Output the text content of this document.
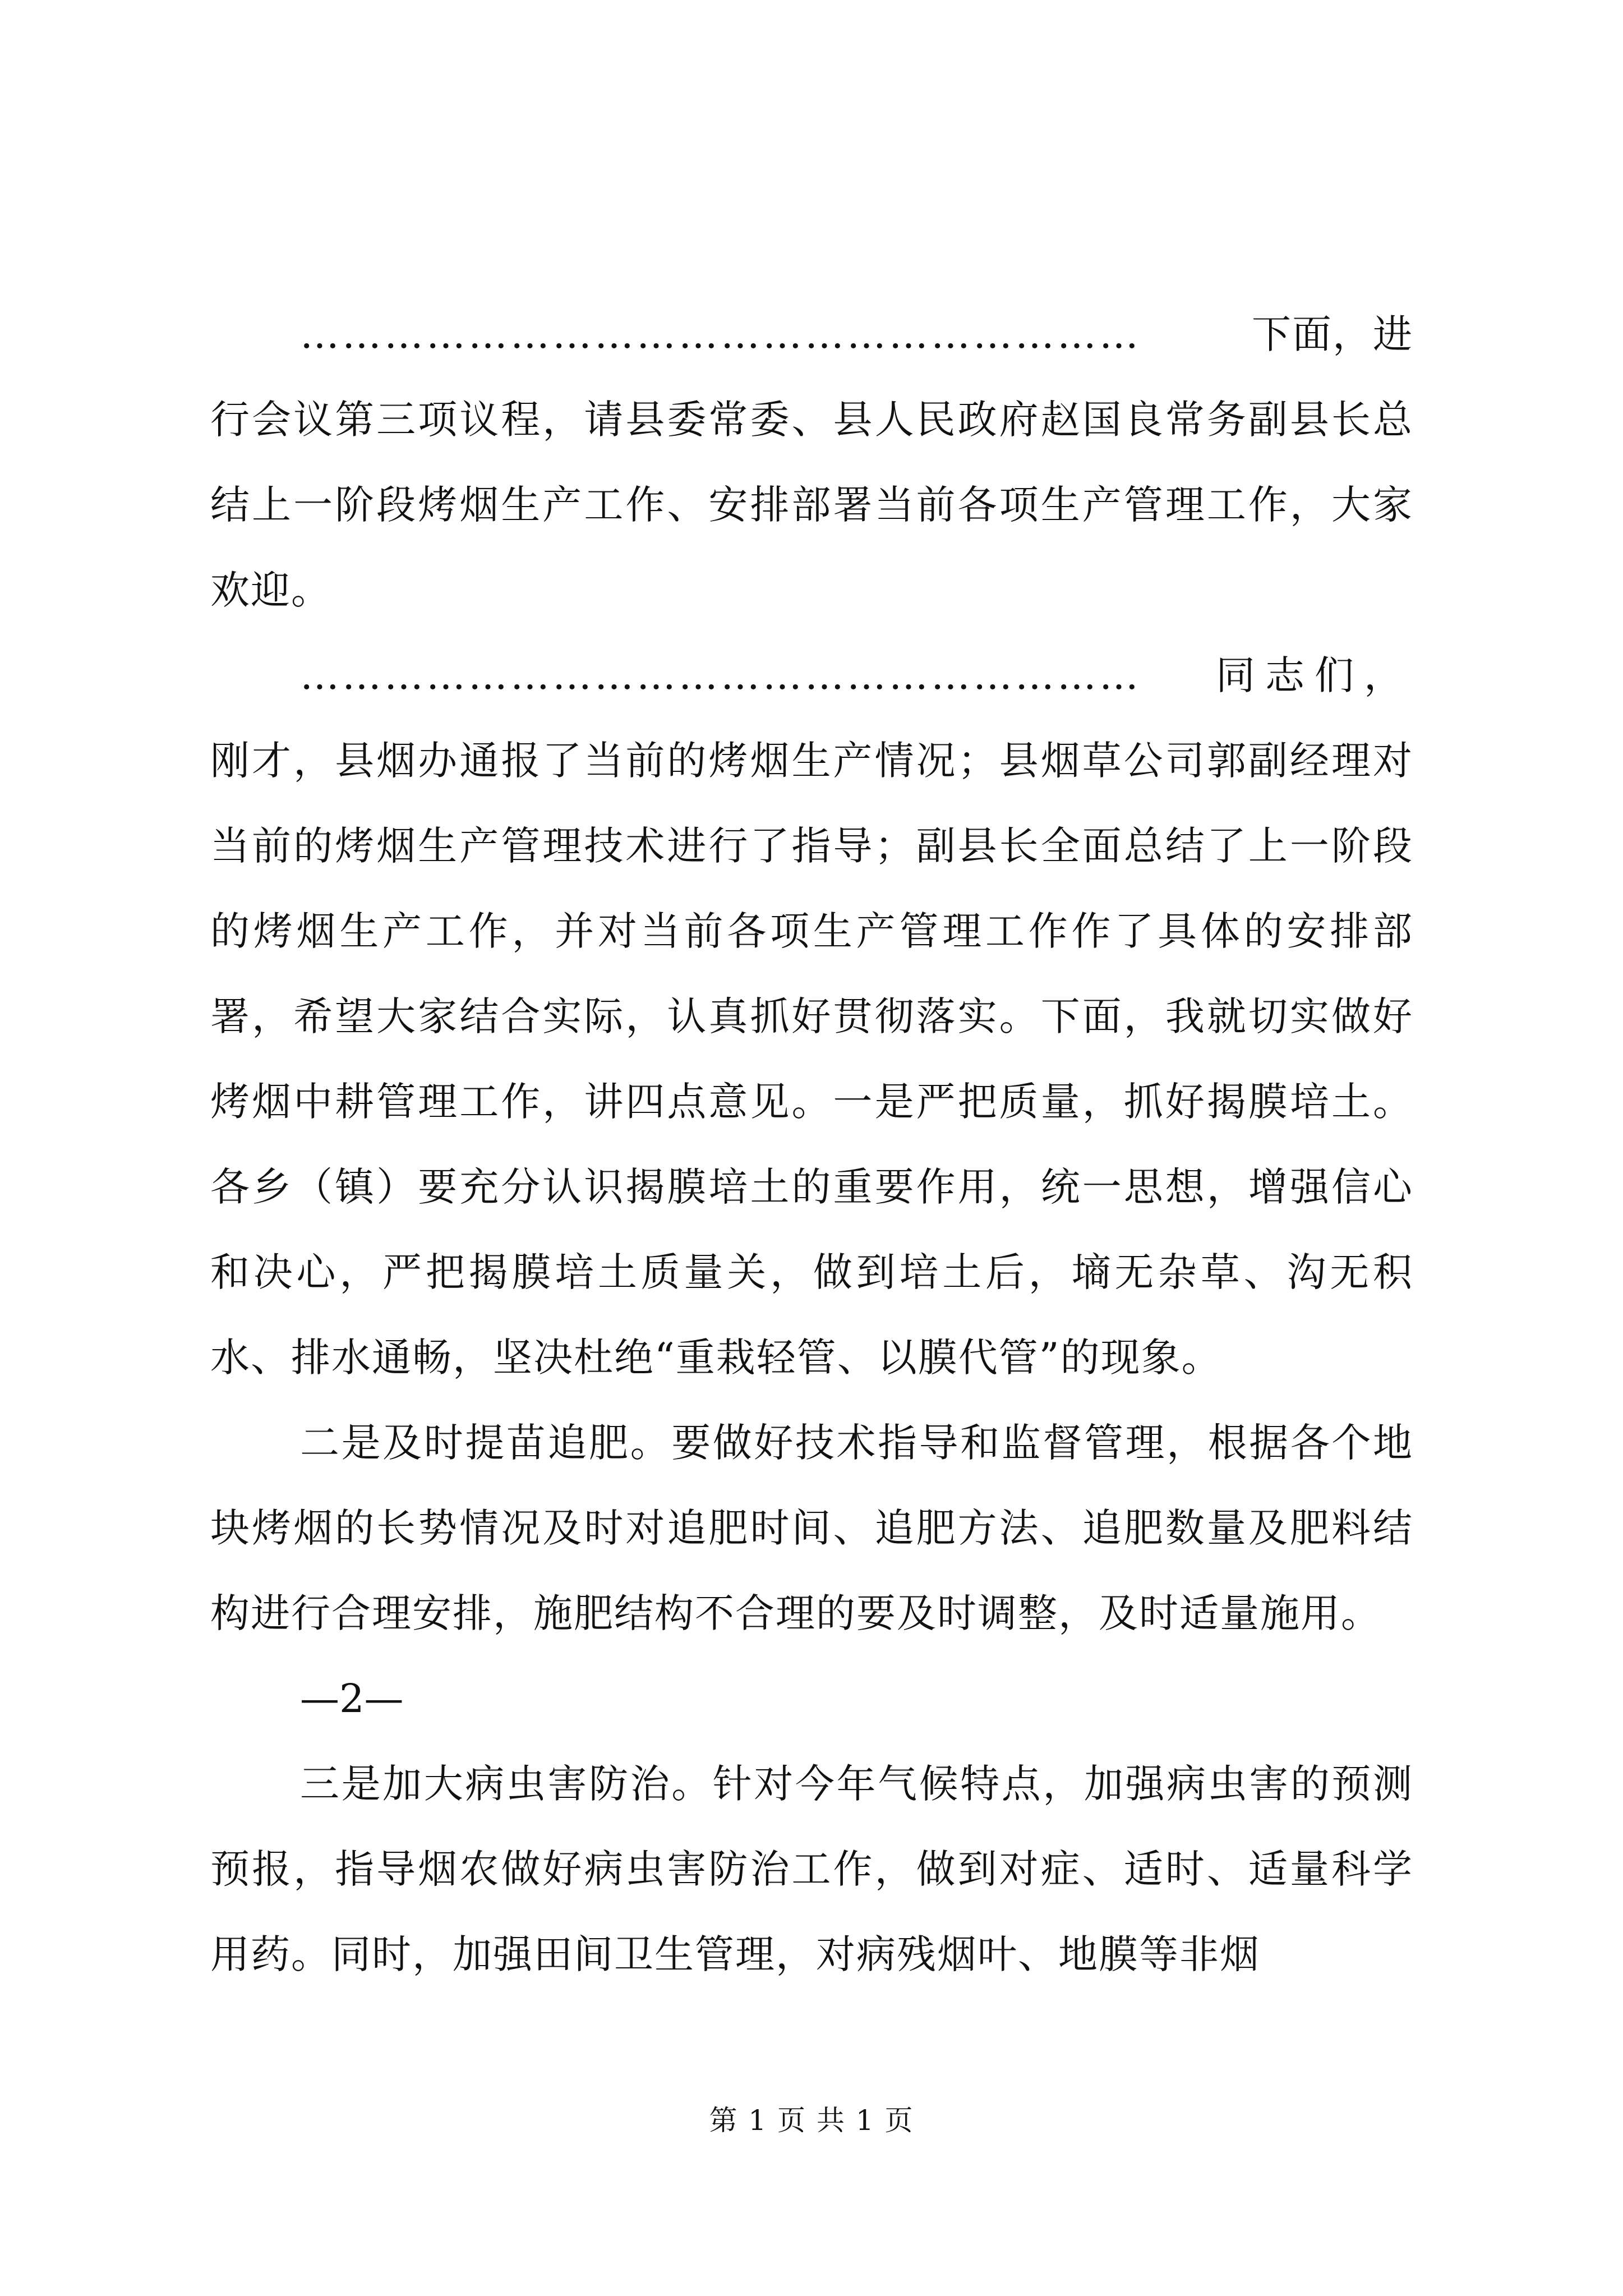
……………………………………………………	下面，进

行会议第三项议程，请县委常委、县人民政府赵国良常务副县长总结上一阶段烤烟生产工作、安排部署当前各项生产管理工作，大家欢迎。

……………………………………………………	同志们，

刚才，县烟办通报了当前的烤烟生产情况；县烟草公司郭副经理对当前的烤烟生产管理技术进行了指导；副县长全面总结了上一阶段的烤烟生产工作，并对当前各项生产管理工作作了具体的安排部署，希望大家结合实际，认真抓好贯彻落实。下面，我就切实做好烤烟中耕管理工作，讲四点意见。一是严把质量，抓好揭膜培土。各乡（镇）要充分认识揭膜培土的重要作用，统一思想，增强信心和决心，严把揭膜培土质量关，做到培土后，墒无杂草、沟无积水、排水通畅，坚决杜绝“重栽轻管、以膜代管”的现象。

二是及时提苗追肥。要做好技术指导和监督管理，根据各个地块烤烟的长势情况及时对追肥时间、追肥方法、追肥数量及肥料结构进行合理安排，施肥结构不合理的要及时调整，及时适量施用。

—2—

三是加大病虫害防治。针对今年气候特点，加强病虫害的预测预报，指导烟农做好病虫害防治工作，做到对症、适时、适量科学用药。同时，加强田间卫生管理，对病残烟叶、地膜等非烟

第 1 页 共 1 页
